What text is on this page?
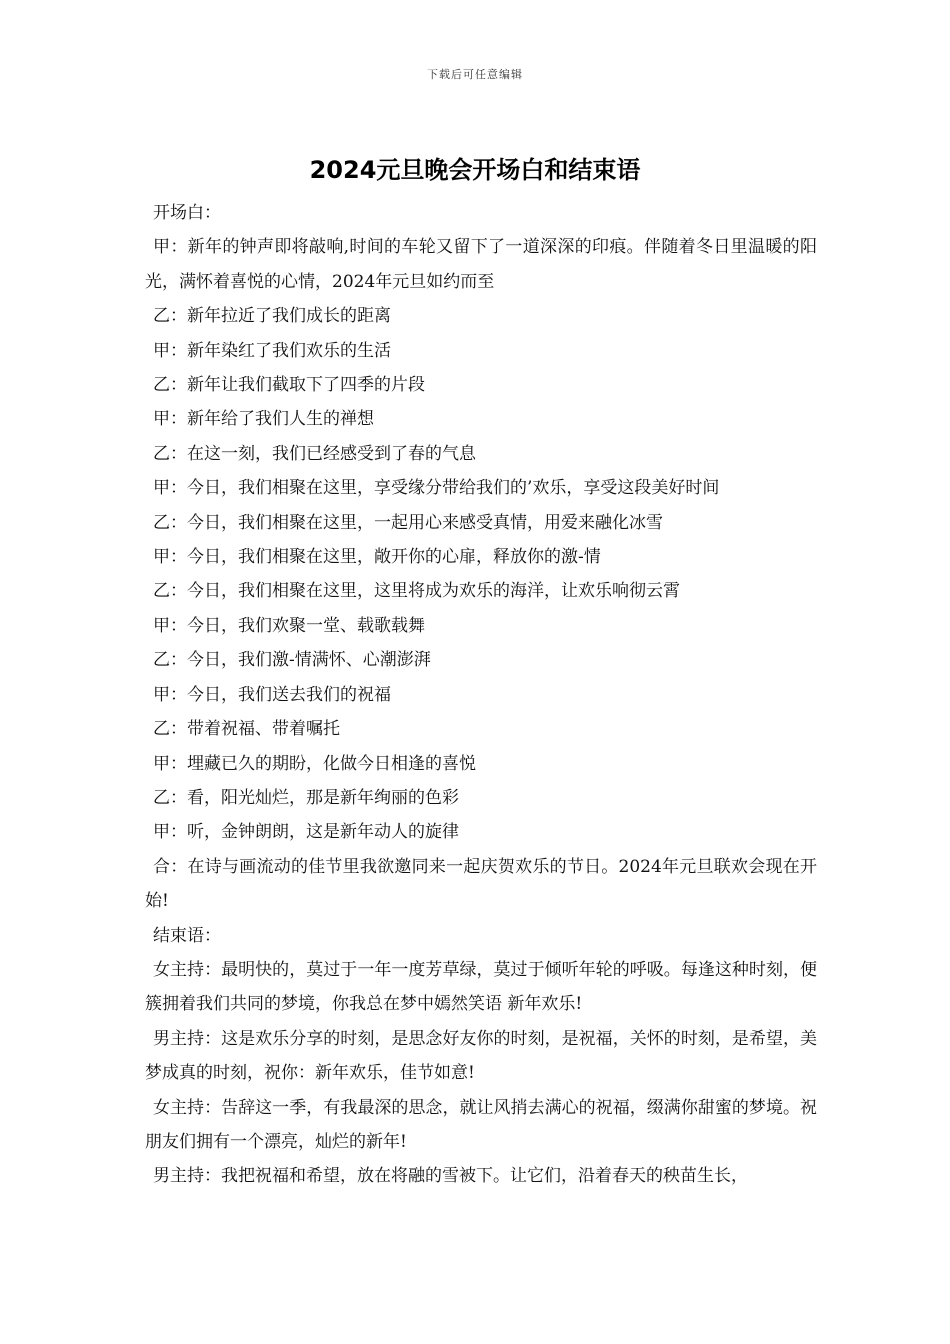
下载后可任意编辑
2024元旦晚会开场白和结束语

开场白：

甲：新年的钟声即将敲响,时间的车轮又留下了一道深深的印痕。伴随着冬日里温暖的阳光，满怀着喜悦的心情，2024年元旦如约而至

乙：新年拉近了我们成长的距离

甲：新年染红了我们欢乐的生活

乙：新年让我们截取下了四季的片段

甲：新年给了我们人生的禅想

乙：在这一刻，我们已经感受到了春的气息

甲：今日，我们相聚在这里，享受缘分带给我们的’欢乐，享受这段美好时间

乙：今日，我们相聚在这里，一起用心来感受真情，用爱来融化冰雪

甲：今日，我们相聚在这里，敞开你的心扉，释放你的激-情

乙：今日，我们相聚在这里，这里将成为欢乐的海洋，让欢乐响彻云霄

甲：今日，我们欢聚一堂、载歌载舞

乙：今日，我们激-情满怀、心潮澎湃

甲：今日，我们送去我们的祝福

乙：带着祝福、带着嘱托

甲：埋藏已久的期盼，化做今日相逢的喜悦

乙：看，阳光灿烂，那是新年绚丽的色彩

甲：听，金钟朗朗，这是新年动人的旋律

合：在诗与画流动的佳节里我欲邀同来一起庆贺欢乐的节日。2024年元旦联欢会现在开始!

结束语：

女主持：最明快的，莫过于一年一度芳草绿，莫过于倾听年轮的呼吸。每逢这种时刻，便簇拥着我们共同的梦境，你我总在梦中嫣然笑语 新年欢乐!

男主持：这是欢乐分享的时刻，是思念好友你的时刻，是祝福，关怀的时刻，是希望，美梦成真的时刻，祝你：新年欢乐，佳节如意!

女主持：告辞这一季，有我最深的思念，就让风捎去满心的祝福，缀满你甜蜜的梦境。祝朋友们拥有一个漂亮，灿烂的新年!

男主持：我把祝福和希望，放在将融的雪被下。让它们，沿着春天的秧苗生长，
